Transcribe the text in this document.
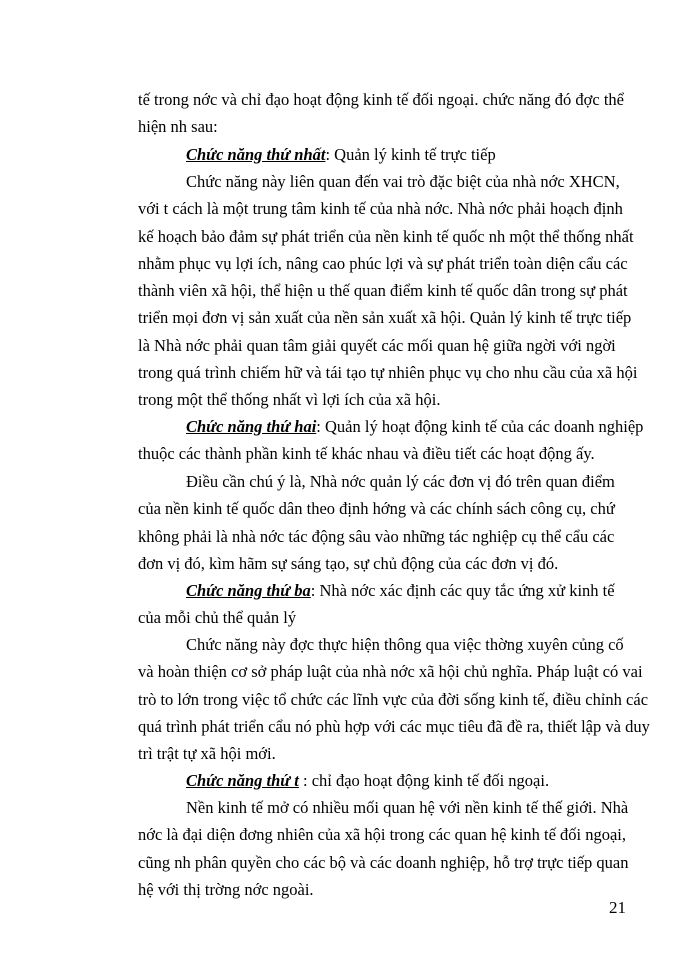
tế trong nớc và chỉ đạo hoạt động kinh tế đối ngoại. chức năng đó đợc thể
hiện nh sau:

Chức năng thứ nhất: Quản lý kinh tế trực tiếp

Chức năng này liên quan đến vai trò đặc biệt của nhà nớc XHCN,
với t cách là một trung tâm kinh tế của nhà nớc. Nhà nớc phải hoạch định
kế hoạch bảo đảm sự phát triển của nền kinh tế quốc nh một thể thống nhất
nhằm phục vụ lợi ích, nâng cao phúc lợi và sự phát triển toàn diện cẩu các
thành viên xã hội, thể hiện u thế quan điểm kinh tế quốc dân trong sự phát
triển mọi đơn vị sản xuất của nền sản xuất xã hội. Quản lý kinh tế trực tiếp
là Nhà nớc phải quan tâm giải quyết các mối quan hệ giữa ngời với ngời
trong quá trình chiếm hữ và tái tạo tự nhiên phục vụ cho nhu cầu của xã hội
trong một thể thống nhất vì lợi ích của xã hội.

Chức năng thứ hai: Quản lý hoạt động kinh tế của các doanh nghiệp
thuộc các thành phần kinh tế khác nhau và điều tiết các hoạt động ấy.

Điều cần chú ý là, Nhà nớc quản lý các đơn vị đó trên quan điểm
của nền kinh tế quốc dân theo định hớng và các chính sách công cụ, chứ
không phải là nhà nớc tác động sâu vào những tác nghiệp cụ thể cẩu các
đơn vị đó, kìm hãm sự sáng tạo, sự chủ động của các đơn vị đó.

Chức năng thứ ba: Nhà nớc xác định các quy tắc ứng xử kinh tế
của mỗi chủ thể quản lý

Chức năng này đợc thực hiện thông qua việc thờng xuyên củng cố
và hoàn thiện cơ sở pháp luật của nhà nớc xã hội chủ nghĩa. Pháp luật có vai
trò to lớn trong việc tổ chức các lĩnh vực của đời sống kinh tế, điều chỉnh các
quá trình phát triển cẩu nó phù hợp với các mục tiêu đã đề ra, thiết lập và duy
trì trật tự xã hội mới.

Chức năng thứ t : chỉ đạo hoạt động kinh tế đối ngoại.

Nền kinh tế mở có nhiều mối quan hệ với nền kinh tế thế giới. Nhà
nớc là đại diện đơng nhiên của xã hội trong các quan hệ kinh tế đối ngoại,
cũng nh phân quyền cho các bộ và các doanh nghiệp, hỗ trợ trực tiếp quan
hệ với thị trờng nớc ngoài.

21
